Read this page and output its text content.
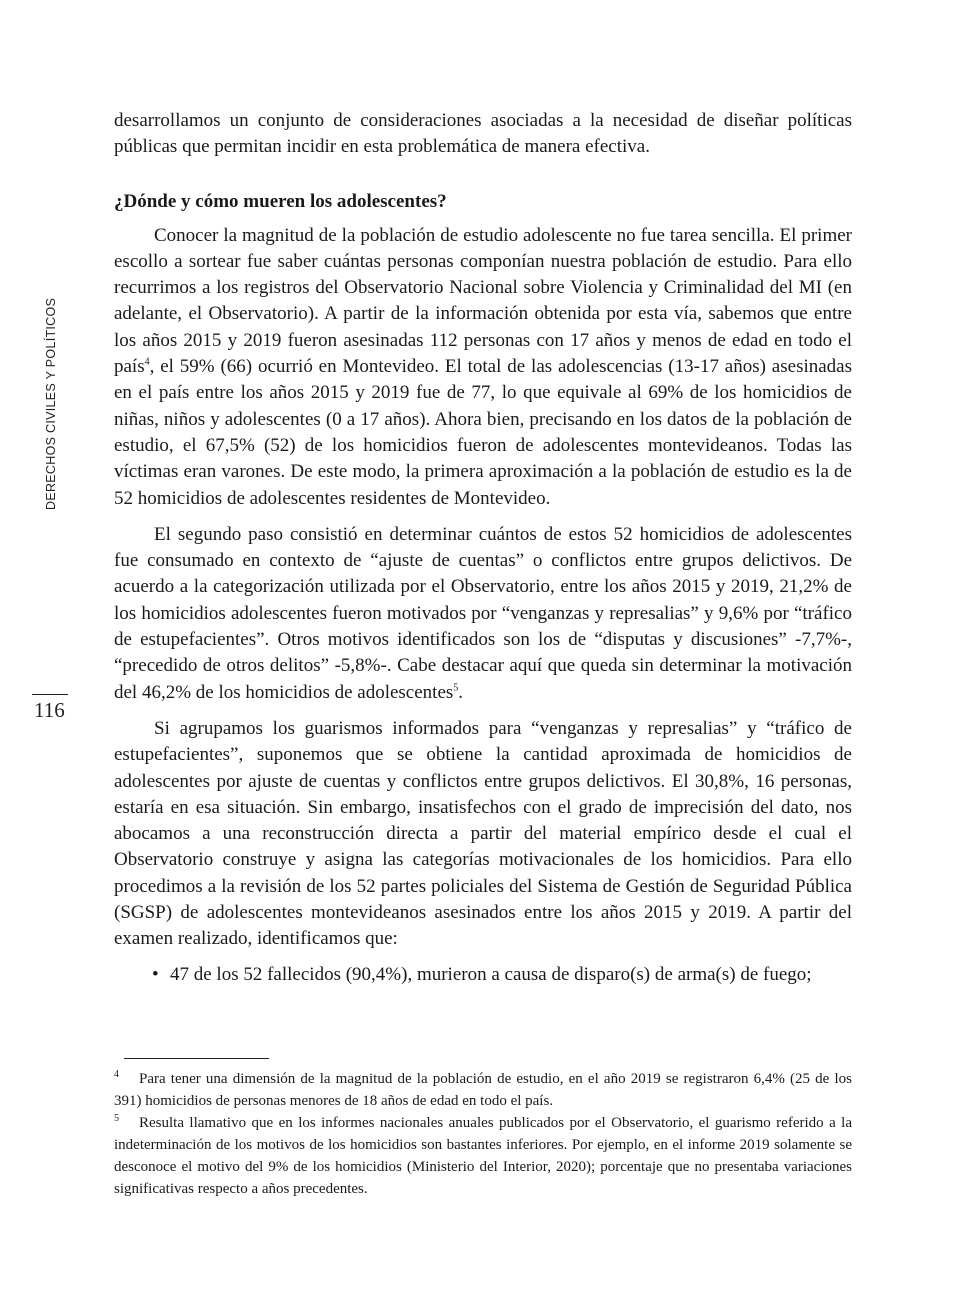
DERECHOS CIVILES Y POLÍTICOS
116

desarrollamos un conjunto de consideraciones asociadas a la necesidad de diseñar políticas públicas que permitan incidir en esta problemática de manera efectiva.

¿Dónde y cómo mueren los adolescentes?

Conocer la magnitud de la población de estudio adolescente no fue tarea sencilla. El primer escollo a sortear fue saber cuántas personas componían nuestra población de estudio. Para ello recurrimos a los registros del Observatorio Nacional sobre Violencia y Criminalidad del MI (en adelante, el Observatorio). A partir de la información obtenida por esta vía, sabemos que entre los años 2015 y 2019 fueron asesinadas 112 personas con 17 años y menos de edad en todo el país$^4$, el 59% (66) ocurrió en Montevideo. El total de las adolescencias (13-17 años) asesinadas en el país entre los años 2015 y 2019 fue de 77, lo que equivale al 69% de los homicidios de niñas, niños y adolescentes (0 a 17 años). Ahora bien, precisando en los datos de la población de estudio, el 67,5% (52) de los homicidios fueron de adolescentes montevideanos. Todas las víctimas eran varones. De este modo, la primera aproximación a la población de estudio es la de 52 homicidios de adolescentes residentes de Montevideo.

El segundo paso consistió en determinar cuántos de estos 52 homicidios de adolescentes fue consumado en contexto de “ajuste de cuentas” o conflictos entre grupos delictivos. De acuerdo a la categorización utilizada por el Observatorio, entre los años 2015 y 2019, 21,2% de los homicidios adolescentes fueron motivados por “venganzas y represalias” y 9,6% por “tráfico de estupefacientes”. Otros motivos identificados son los de “disputas y discusiones” -7,7%-, “precedido de otros delitos” -5,8%-. Cabe destacar aquí que queda sin determinar la motivación del 46,2% de los homicidios de adolescentes$^5$.

Si agrupamos los guarismos informados para “venganzas y represalias” y “tráfico de estupefacientes”, suponemos que se obtiene la cantidad aproximada de homicidios de adolescentes por ajuste de cuentas y conflictos entre grupos delictivos. El 30,8%, 16 personas, estaría en esa situación. Sin embargo, insatisfechos con el grado de imprecisión del dato, nos abocamos a una reconstrucción directa a partir del material empírico desde el cual el Observatorio construye y asigna las categorías motivacionales de los homicidios. Para ello procedimos a la revisión de los 52 partes policiales del Sistema de Gestión de Seguridad Pública (SGSP) de adolescentes montevideanos asesinados entre los años 2015 y 2019. A partir del examen realizado, identificamos que:

• 47 de los 52 fallecidos (90,4%), murieron a causa de disparo(s) de arma(s) de fuego;

$^4$ Para tener una dimensión de la magnitud de la población de estudio, en el año 2019 se registraron 6,4% (25 de los 391) homicidios de personas menores de 18 años de edad en todo el país.

$^5$ Resulta llamativo que en los informes nacionales anuales publicados por el Observatorio, el guarismo referido a la indeterminación de los motivos de los homicidios son bastantes inferiores. Por ejemplo, en el informe 2019 solamente se desconoce el motivo del 9% de los homicidios (Ministerio del Interior, 2020); porcentaje que no presentaba variaciones significativas respecto a años precedentes.
